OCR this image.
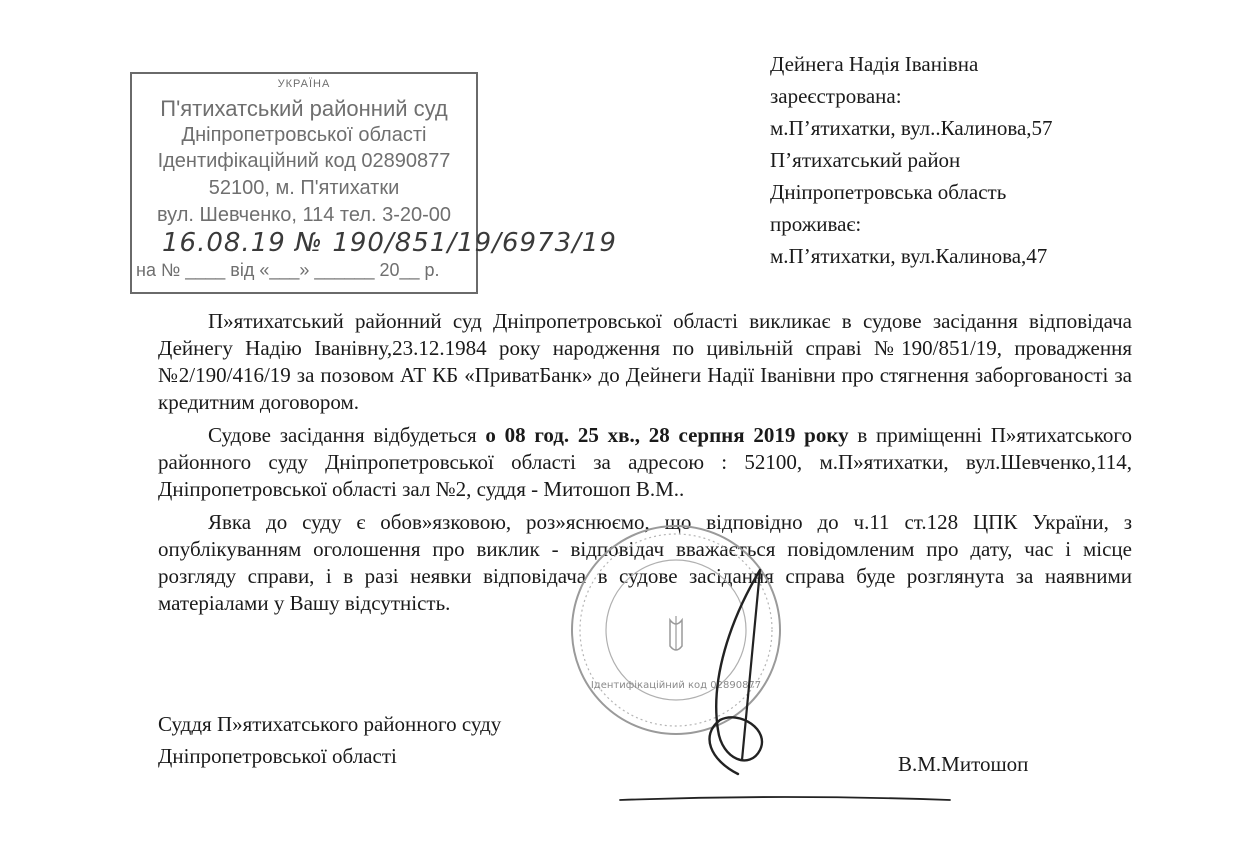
УКРАЇНА
П'ятихатський районний суд
Дніпропетровської області
Ідентифікаційний код 02890877
52100, м. П'ятихатки
вул. Шевченко, 114 тел. 3-20-00
16.08.19 № 190/851/19/6973/19
на № ____ від «___» ______ 20__ р.
Дейнега Надія Іванівна
зареєстрована:
м.П’ятихатки, вул..Калинова,57
П’ятихатський район
Дніпропетровська область
проживає:
м.П’ятихатки, вул.Калинова,47

П»ятихатський районний суд Дніпропетровської області викликає в судове засідання відповідача Дейнегу Надію Іванівну,23.12.1984 року народження по цивільній справі №190/851/19, провадження №2/190/416/19 за позовом АТ КБ «ПриватБанк» до Дейнеги Надії Іванівни про стягнення заборгованості за кредитним договором.

Судове засідання відбудеться о 08 год. 25 хв., 28 серпня 2019 року в приміщенні П»ятихатського районного суду Дніпропетровської області за адресою : 52100, м.П»ятихатки, вул.Шевченко,114, Дніпропетровської області зал №2, суддя - Митошоп В.М..

Явка до суду є обов»язковою, роз»яснюємо, що відповідно до ч.11 ст.128 ЦПК України, з опублікуванням оголошення про виклик - відповідач вважається повідомленим про дату, час і місце розгляду справи, і в разі неявки відповідача в судове засідання справа буде розглянута за наявними матеріалами у Вашу відсутність.

Ідентифікаційний код 02890877
Суддя П»ятихатського районного суду
Дніпропетровської області	В.М.Митошоп
